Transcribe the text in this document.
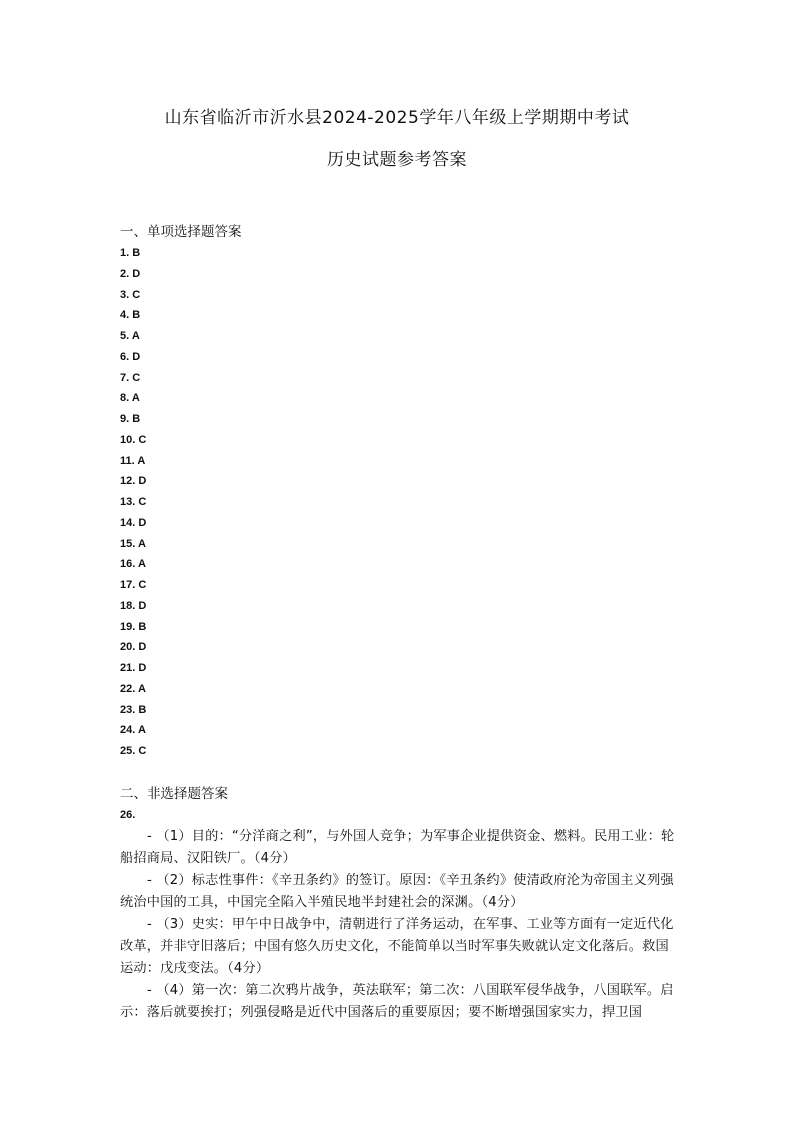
山东省临沂市沂水县2024-2025学年八年级上学期期中考试
历史试题参考答案
一、单项选择题答案
1. B
2. D
3. C
4. B
5. A
6. D
7. C
8. A
9. B
10. C
11. A
12. D
13. C
14. D
15. A
16. A
17. C
18. D
19. B
20. D
21. D
22. A
23. B
24. A
25. C
二、非选择题答案
26.

- （1）目的：“分洋商之利”，与外国人竞争；为军事企业提供资金、燃料。民用工业：轮船招商局、汉阳铁厂。（4分）

- （2）标志性事件：《辛丑条约》的签订。原因：《辛丑条约》使清政府沦为帝国主义列强统治中国的工具，中国完全陷入半殖民地半封建社会的深渊。（4分）

- （3）史实：甲午中日战争中，清朝进行了洋务运动，在军事、工业等方面有一定近代化改革，并非守旧落后；中国有悠久历史文化，不能简单以当时军事失败就认定文化落后。救国运动：戊戌变法。（4分）

- （4）第一次：第二次鸦片战争，英法联军；第二次：八国联军侵华战争，八国联军。启示：落后就要挨打；列强侵略是近代中国落后的重要原因；要不断增强国家实力，捍卫国
